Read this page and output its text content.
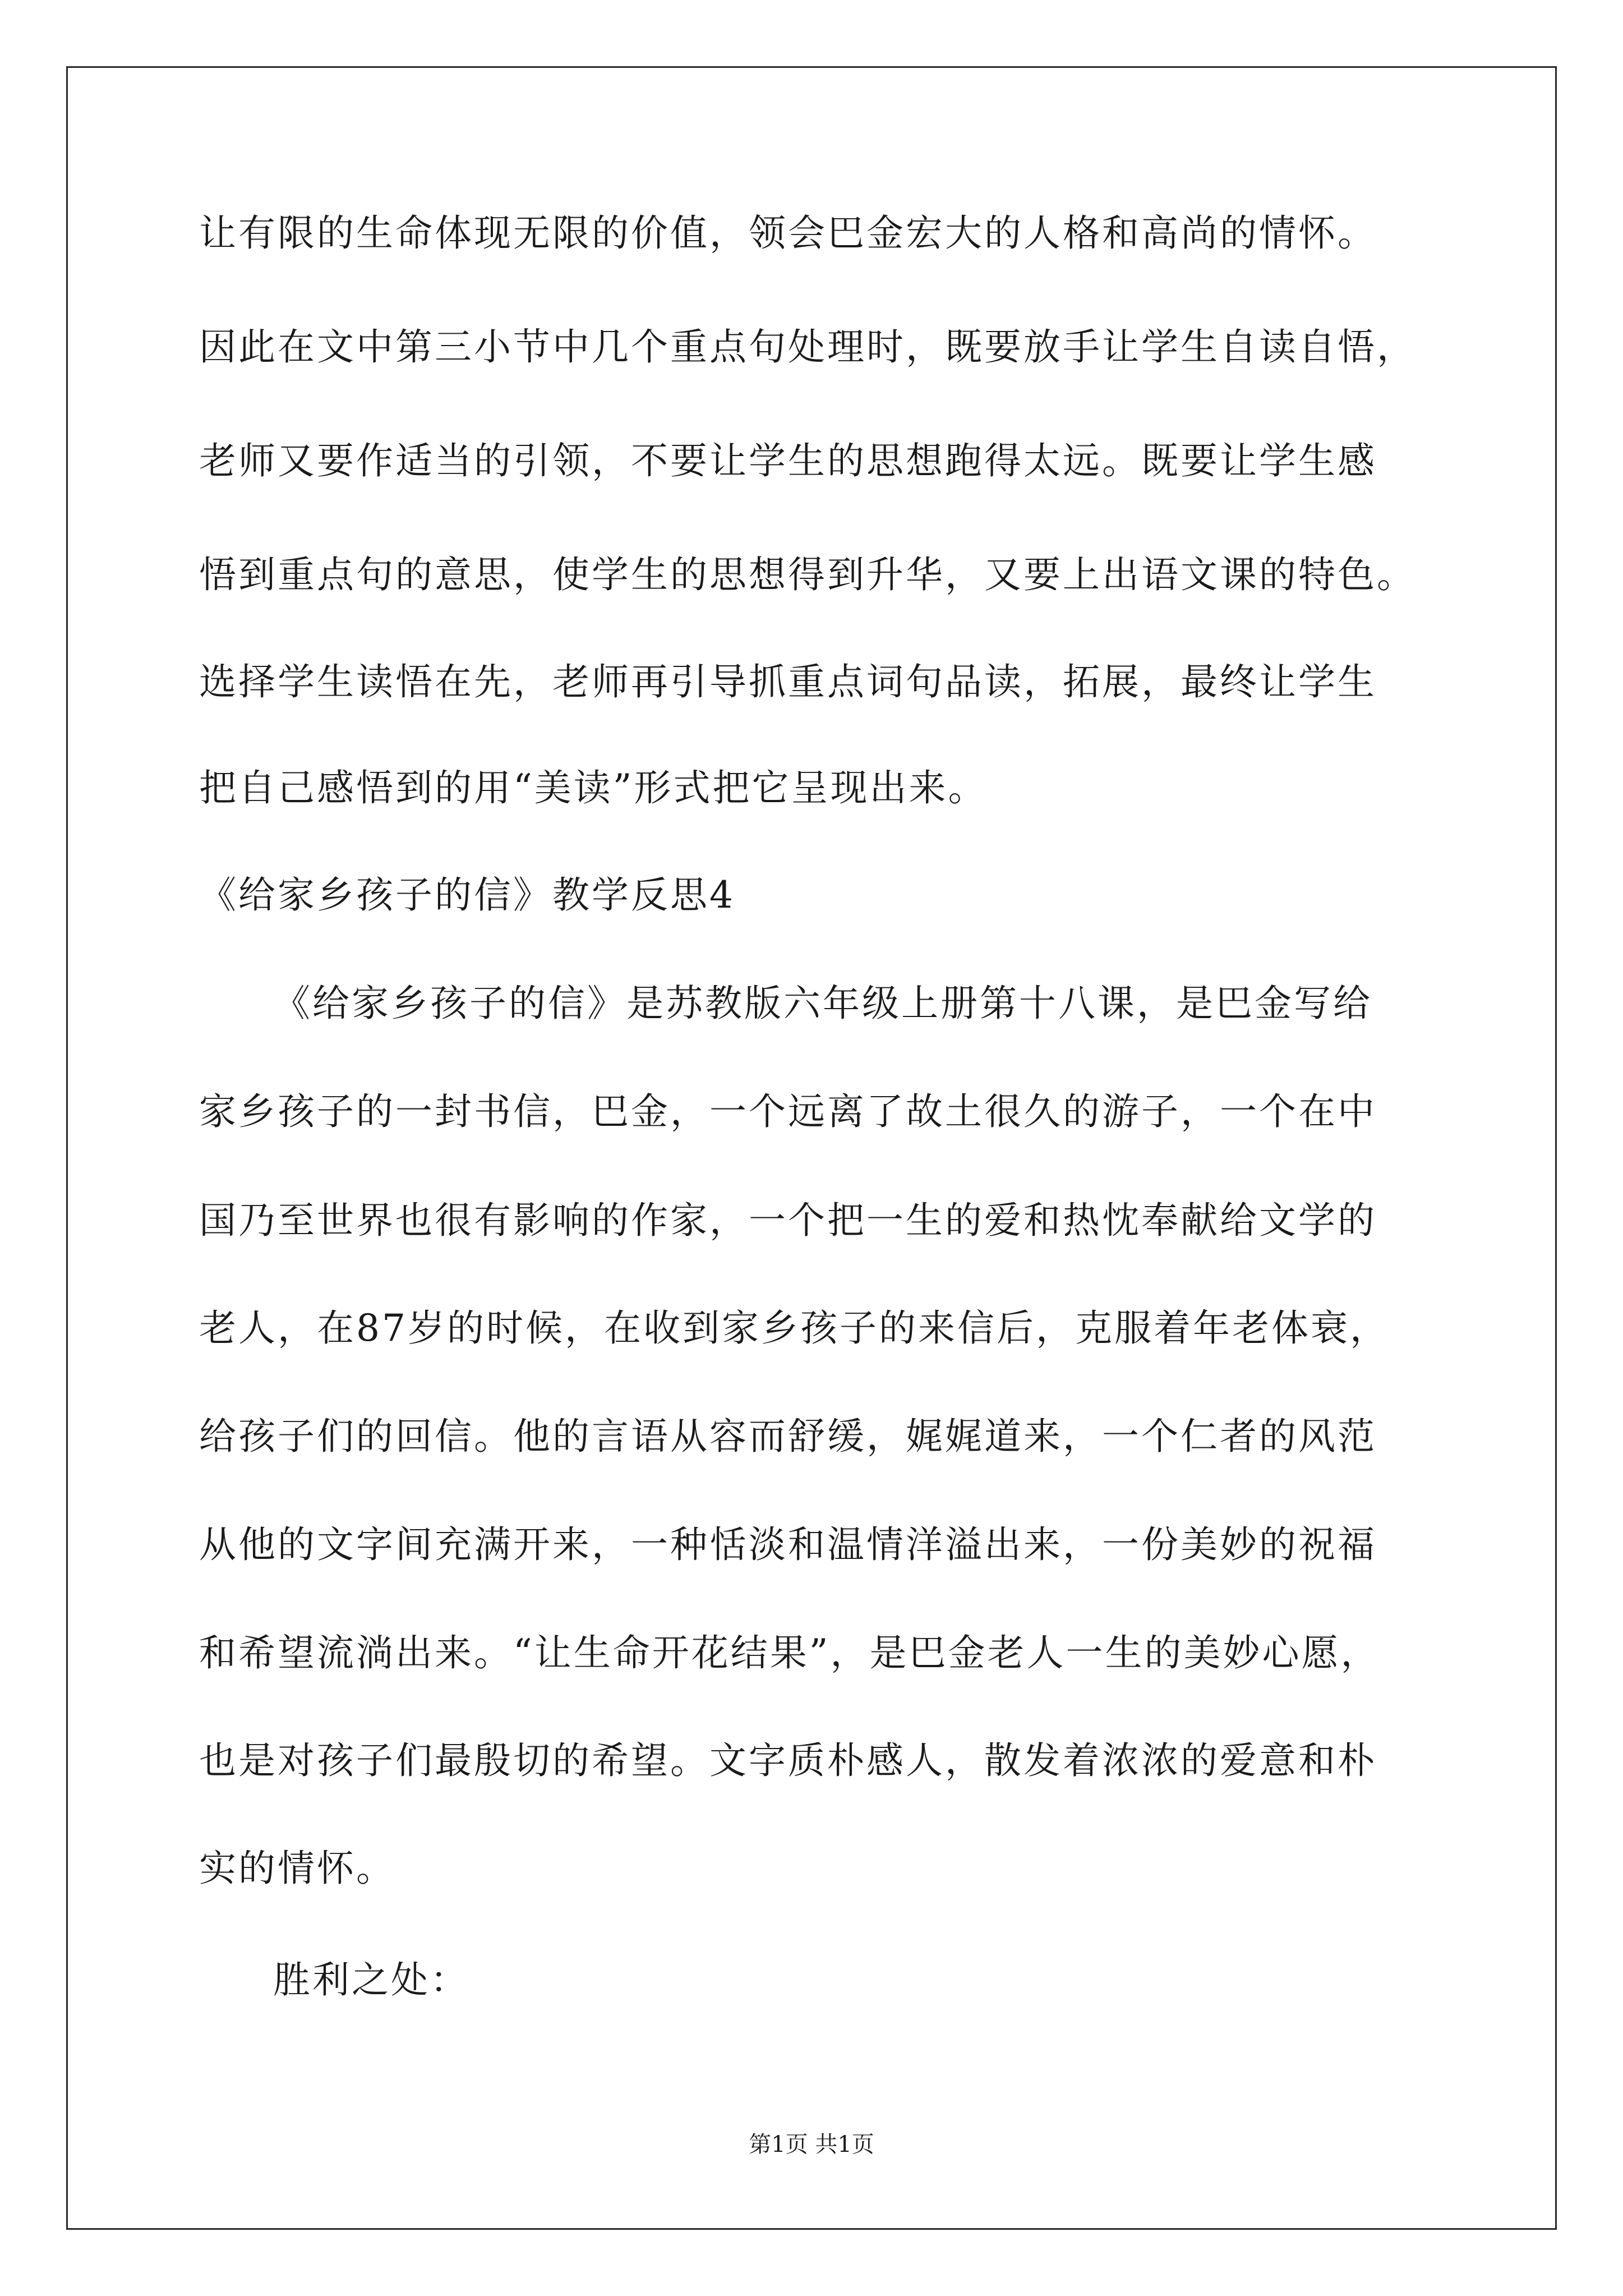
让有限的生命体现无限的价值，领会巴金宏大的人格和高尚的情怀。
因此在文中第三小节中几个重点句处理时，既要放手让学生自读自悟，
老师又要作适当的引领，不要让学生的思想跑得太远。既要让学生感
悟到重点句的意思，使学生的思想得到升华，又要上出语文课的特色。
选择学生读悟在先，老师再引导抓重点词句品读，拓展，最终让学生
把自己感悟到的用“美读”形式把它呈现出来。
《给家乡孩子的信》教学反思4
《给家乡孩子的信》是苏教版六年级上册第十八课，是巴金写给
家乡孩子的一封书信，巴金，一个远离了故土很久的游子，一个在中
国乃至世界也很有影响的作家，一个把一生的爱和热忱奉献给文学的
老人，在87岁的时候，在收到家乡孩子的来信后，克服着年老体衰，
给孩子们的回信。他的言语从容而舒缓，娓娓道来，一个仁者的风范
从他的文字间充满开来，一种恬淡和温情洋溢出来，一份美妙的祝福
和希望流淌出来。“让生命开花结果”，是巴金老人一生的美妙心愿，
也是对孩子们最殷切的希望。文字质朴感人，散发着浓浓的爱意和朴
实的情怀。
胜利之处：
第1页 共1页
